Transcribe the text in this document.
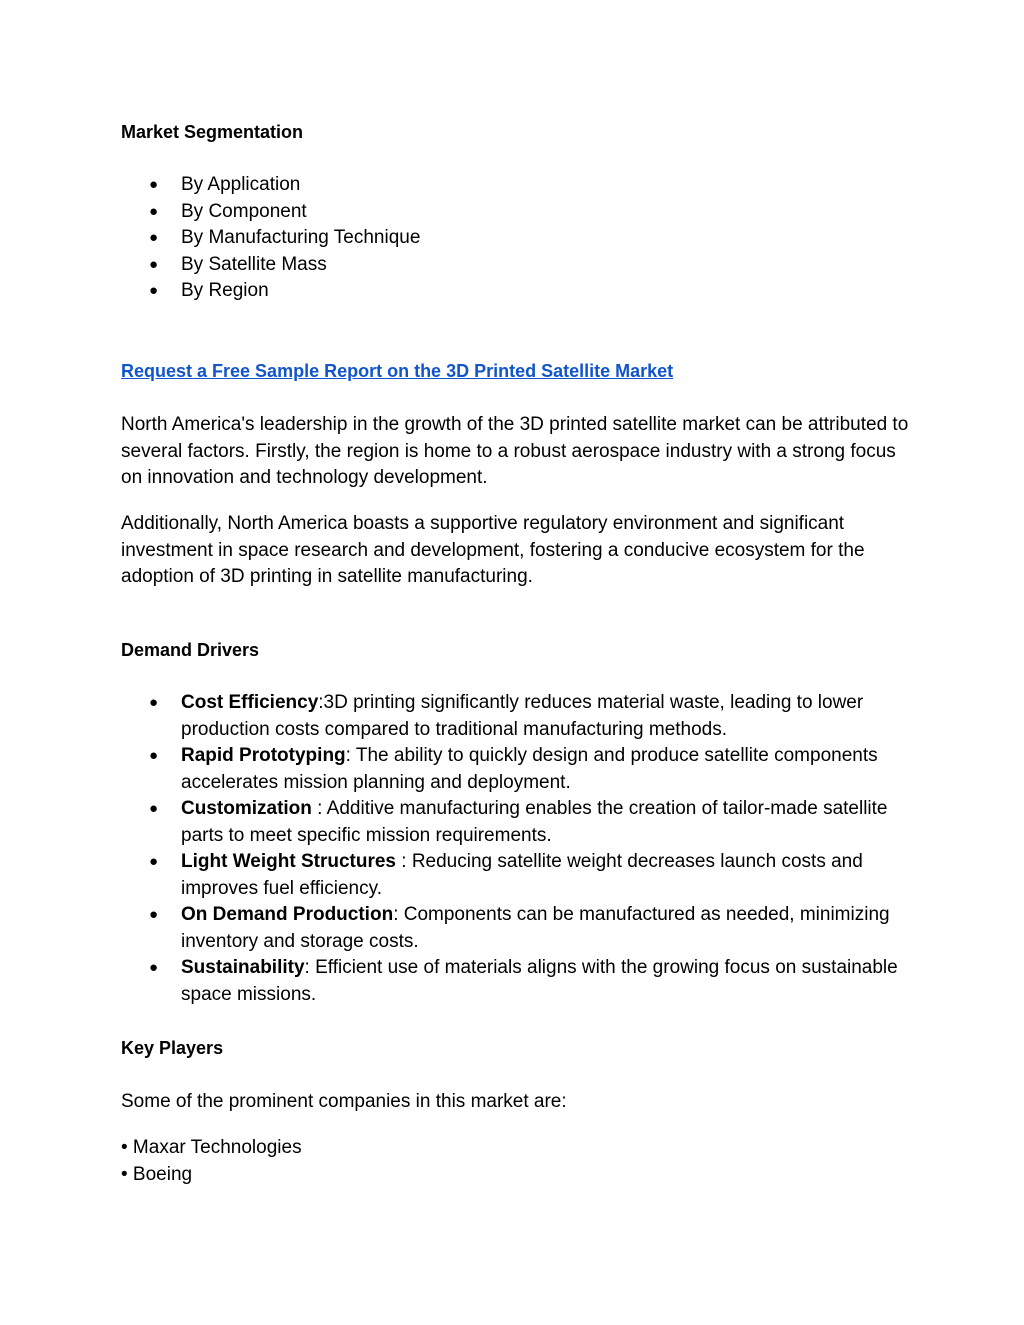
Market Segmentation
● By Application
● By Component
● By Manufacturing Technique
● By Satellite Mass
● By Region
Request a Free Sample Report on the 3D Printed Satellite Market

North America's leadership in the growth of the 3D printed satellite market can be attributed to several factors. Firstly, the region is home to a robust aerospace industry with a strong focus on innovation and technology development.

Additionally, North America boasts a supportive regulatory environment and significant investment in space research and development, fostering a conducive ecosystem for the adoption of 3D printing in satellite manufacturing.

Demand Drivers
● Cost Efficiency:3D printing significantly reduces material waste, leading to lower production costs compared to traditional manufacturing methods.
● Rapid Prototyping: The ability to quickly design and produce satellite components accelerates mission planning and deployment.
● Customization : Additive manufacturing enables the creation of tailor-made satellite parts to meet specific mission requirements.
● Light Weight Structures : Reducing satellite weight decreases launch costs and improves fuel efficiency.
● On Demand Production: Components can be manufactured as needed, minimizing inventory and storage costs.
● Sustainability: Efficient use of materials aligns with the growing focus on sustainable space missions.
Key Players

Some of the prominent companies in this market are:

• Maxar Technologies
• Boeing
